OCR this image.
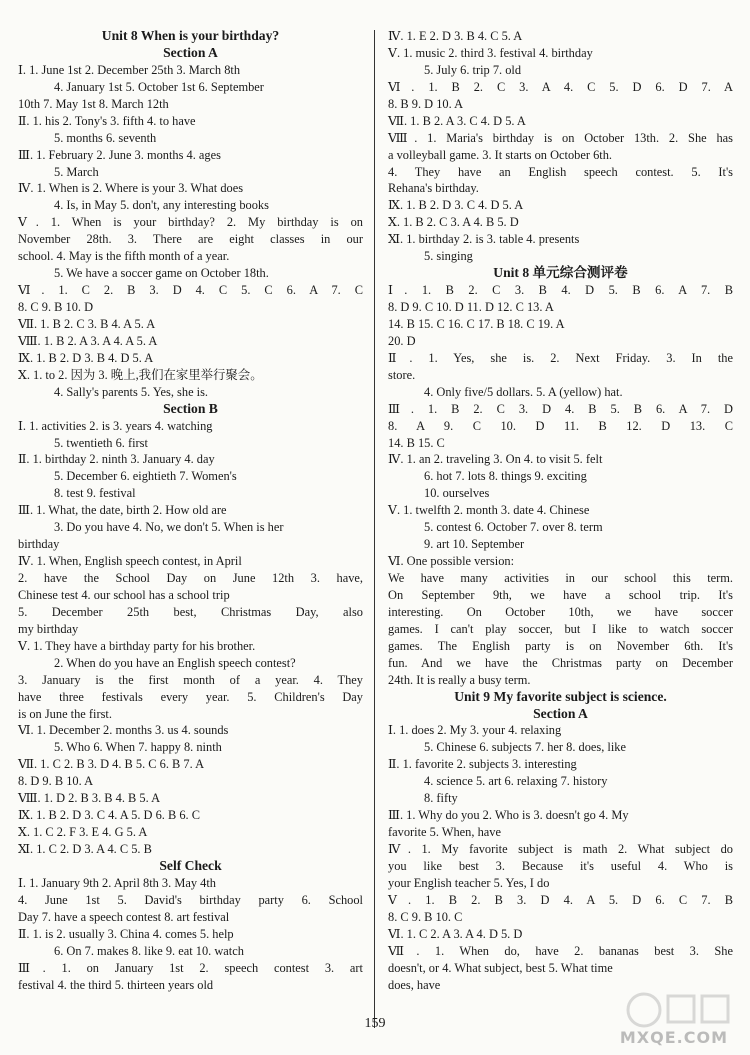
Unit 8 When is your birthday?
Section A
Ⅰ. 1. June 1st 2. December 25th 3. March 8th
4. January 1st 5. October 1st 6. September
10th 7. May 1st 8. March 12th
Ⅱ. 1. his 2. Tony's 3. fifth 4. to have
5. months 6. seventh
Ⅲ. 1. February 2. June 3. months 4. ages
5. March
Ⅳ. 1. When is 2. Where is your 3. What does
4. Is, in May 5. don't, any interesting books
Ⅴ. 1. When is your birthday? 2. My birthday is on
November 28th. 3. There are eight classes in our
school. 4. May is the fifth month of a year.
5. We have a soccer game on October 18th.
Ⅵ. 1. C 2. B 3. D 4. C 5. C 6. A 7. C
8. C 9. B 10. D
Ⅶ. 1. B 2. C 3. B 4. A 5. A
Ⅷ. 1. B 2. A 3. A 4. A 5. A
Ⅸ. 1. B 2. D 3. B 4. D 5. A
Ⅹ. 1. to 2. 因为 3. 晚上,我们在家里举行聚会。
4. Sally's parents 5. Yes, she is.
Section B
Ⅰ. 1. activities 2. is 3. years 4. watching
5. twentieth 6. first
Ⅱ. 1. birthday 2. ninth 3. January 4. day
5. December 6. eightieth 7. Women's
8. test 9. festival
Ⅲ. 1. What, the date, birth 2. How old are
3. Do you have 4. No, we don't 5. When is her
birthday
Ⅳ. 1. When, English speech contest, in April
2. have the School Day on June 12th 3. have,
Chinese test 4. our school has a school trip
5. December 25th best, Christmas Day, also
my birthday
Ⅴ. 1. They have a birthday party for his brother.
2. When do you have an English speech contest?
3. January is the first month of a year. 4. They
have three festivals every year. 5. Children's Day
is on June the first.
Ⅵ. 1. December 2. months 3. us 4. sounds
5. Who 6. When 7. happy 8. ninth
Ⅶ. 1. C 2. B 3. D 4. B 5. C 6. B 7. A
8. D 9. B 10. A
Ⅷ. 1. D 2. B 3. B 4. B 5. A
Ⅸ. 1. B 2. D 3. C 4. A 5. D 6. B 6. C
Ⅹ. 1. C 2. F 3. E 4. G 5. A
Ⅺ. 1. C 2. D 3. A 4. C 5. B
Self Check
Ⅰ. 1. January 9th 2. April 8th 3. May 4th
4. June 1st 5. David's birthday party 6. School
Day 7. have a speech contest 8. art festival
Ⅱ. 1. is 2. usually 3. China 4. comes 5. help
6. On 7. makes 8. like 9. eat 10. watch
Ⅲ. 1. on January 1st 2. speech contest 3. art
festival 4. the third 5. thirteen years old
Ⅳ. 1. E 2. D 3. B 4. C 5. A
Ⅴ. 1. music 2. third 3. festival 4. birthday
5. July 6. trip 7. old
Ⅵ. 1. B 2. C 3. A 4. C 5. D 6. D 7. A
8. B 9. D 10. A
Ⅶ. 1. B 2. A 3. C 4. D 5. A
Ⅷ. 1. Maria's birthday is on October 13th. 2. She has
a volleyball game. 3. It starts on October 6th.
4. They have an English speech contest. 5. It's
Rehana's birthday.
Ⅸ. 1. B 2. D 3. C 4. D 5. A
Ⅹ. 1. B 2. C 3. A 4. B 5. D
Ⅺ. 1. birthday 2. is 3. table 4. presents
5. singing
Unit 8 单元综合测评卷
Ⅰ. 1. B 2. C 3. B 4. D 5. B 6. A 7. B
8. D 9. C 10. D 11. D 12. C 13. A
14. B 15. C 16. C 17. B 18. C 19. A
20. D
Ⅱ. 1. Yes, she is. 2. Next Friday. 3. In the
store.
4. Only five/5 dollars. 5. A (yellow) hat.
Ⅲ. 1. B 2. C 3. D 4. B 5. B 6. A 7. D
8. A 9. C 10. D 11. B 12. D 13. C
14. B 15. C
Ⅳ. 1. an 2. traveling 3. On 4. to visit 5. felt
6. hot 7. lots 8. things 9. exciting
10. ourselves
Ⅴ. 1. twelfth 2. month 3. date 4. Chinese
5. contest 6. October 7. over 8. term
9. art 10. September
Ⅵ. One possible version:
We have many activities in our school this term.
On September 9th, we have a school trip. It's
interesting. On October 10th, we have soccer
games. I can't play soccer, but I like to watch soccer
games. The English party is on November 6th. It's
fun. And we have the Christmas party on December
24th. It is really a busy term.
Unit 9 My favorite subject is science.
Section A
Ⅰ. 1. does 2. My 3. your 4. relaxing
5. Chinese 6. subjects 7. her 8. does, like
Ⅱ. 1. favorite 2. subjects 3. interesting
4. science 5. art 6. relaxing 7. history
8. fifty
Ⅲ. 1. Why do you 2. Who is 3. doesn't go 4. My
favorite 5. When, have
Ⅳ. 1. My favorite subject is math 2. What subject do
you like best 3. Because it's useful 4. Who is
your English teacher 5. Yes, I do
Ⅴ. 1. B 2. B 3. D 4. A 5. D 6. C 7. B
8. C 9. B 10. C
Ⅵ. 1. C 2. A 3. A 4. D 5. D
Ⅶ. 1. When do, have 2. bananas best 3. She
doesn't, or 4. What subject, best 5. What time
does, have
159
MXQE.COM
